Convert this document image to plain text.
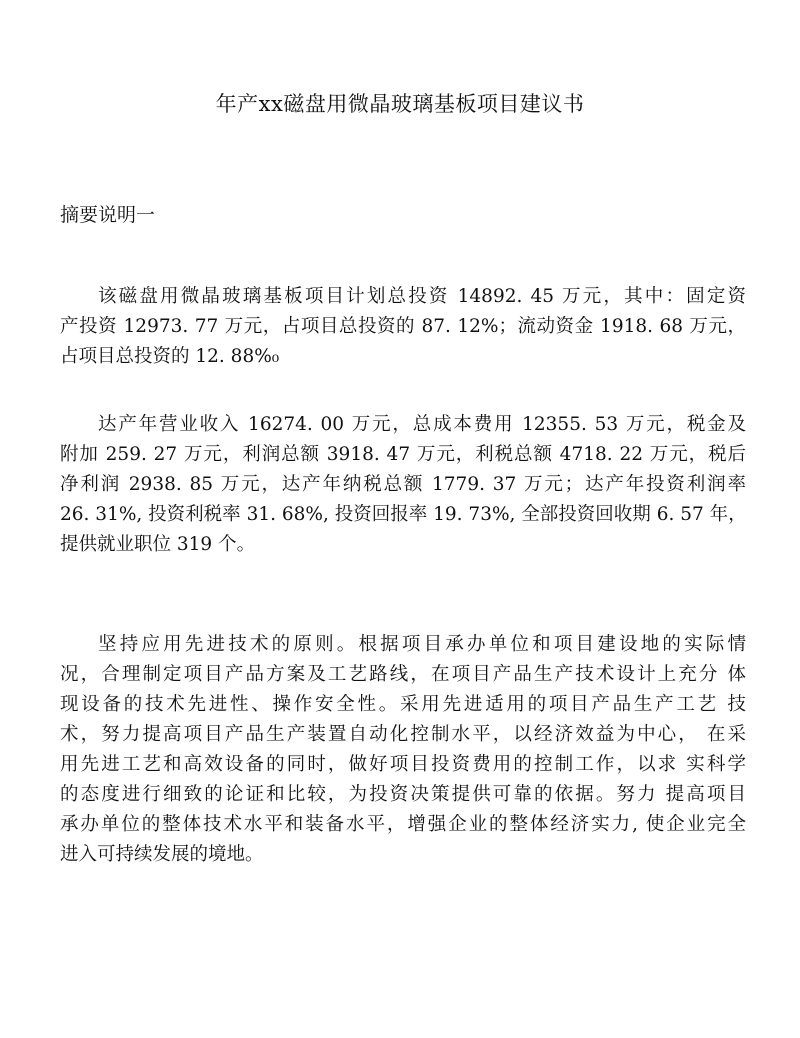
年产xx磁盘用微晶玻璃基板项目建议书
摘要说明一

该磁盘用微晶玻璃基板项目计划总投资 14892. 45 万元，其中：固定资
产投资 12973. 77 万元，占项目总投资的 87. 12%；流动资金 1918. 68 万元，
占项目总投资的 12. 88%₀

达产年营业收入 16274. 00 万元，总成本费用 12355. 53 万元，税金及
附加 259. 27 万元，利润总额 3918. 47 万元，利税总额 4718. 22 万元，税后
净利润 2938. 85 万元，达产年纳税总额 1779. 37 万元；达产年投资利润率
26. 31%, 投资利税率 31. 68%, 投资回报率 19. 73%, 全部投资回收期 6. 57 年，
提供就业职位 319 个。

坚持应用先进技术的原则。根据项目承办单位和项目建设地的实际情
况，合理制定项目产品方案及工艺路线，在项目产品生产技术设计上充分 体
现设备的技术先进性、操作安全性。采用先进适用的项目产品生产工艺 技
术，努力提高项目产品生产装置自动化控制水平，以经济效益为中心， 在采
用先进工艺和高效设备的同时，做好项目投资费用的控制工作，以求 实科学
的态度进行细致的论证和比较，为投资决策提供可靠的依据。努力 提高项目
承办单位的整体技术水平和装备水平，增强企业的整体经济实力, 使企业完全
进入可持续发展的境地。
